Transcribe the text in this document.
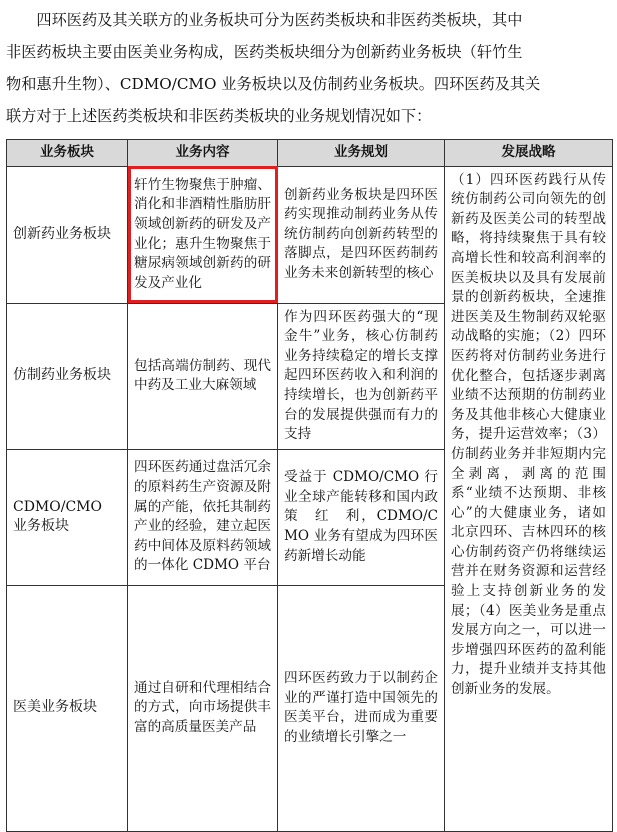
　　四环医药及其关联方的业务板块可分为医药类板块和非医药类板块，其中
非医药板块主要由医美业务构成，医药类板块细分为创新药业务板块（轩竹生
物和惠升生物）、CDMO/CMO 业务板块以及仿制药业务板块。四环医药及其关
联方对于上述医药类板块和非医药类板块的业务规划情况如下：
业务板块	业务内容	业务规划	发展战略
创新药业务板块	轩竹生物聚焦于肿瘤、消化和非酒精性脂肪肝领域创新药的研发及产业化；惠升生物聚焦于糖尿病领域创新药的研发及产业化	创新药业务板块是四环医药实现推动制药业务从传统仿制药向创新药转型的落脚点，是四环医药制药业务未来创新转型的核心	（1）四环医药践行从传统仿制药公司向领先的创新药及医美公司的转型战略，将持续聚焦于具有较高增长性和较高利润率的医美板块以及具有发展前景的创新药板块，全速推进医美及生物制药双轮驱动战略的实施；（2）四环医药将对仿制药业务进行优化整合，包括逐步剥离业绩不达预期的仿制药业务及其他非核心大健康业务，提升运营效率；（3）仿制药业务并非短期内完全剥离，剥离的范围系“业绩不达预期、非核心”的大健康业务，诸如北京四环、吉林四环的核心仿制药资产仍将继续运营并在财务资源和运营经验上支持创新业务的发展；（4）医美业务是重点发展方向之一，可以进一步增强四环医药的盈利能力，提升业绩并支持其他创新业务的发展。
仿制药业务板块	包括高端仿制药、现代中药及工业大麻领域	作为四环医药强大的“现金牛”业务，核心仿制药业务持续稳定的增长支撑起四环医药收入和利润的持续增长，也为创新药平台的发展提供强而有力的支持	
CDMO/CMO　业务板块	四环医药通过盘活冗余的原料药生产资源及附属的产能，依托其制药产业的经验，建立起医药中间体及原料药领域的一体化 CDMO 平台	受益于 CDMO/CMO 行业全球产能转移和国内政　策　红　利，CDMO/CMO 业务有望成为四环医药新增长动能	
医美业务板块	通过自研和代理相结合的方式，向市场提供丰富的高质量医美产品	四环医药致力于以制药企业的严谨打造中国领先的医美平台，进而成为重要的业绩增长引擎之一	
